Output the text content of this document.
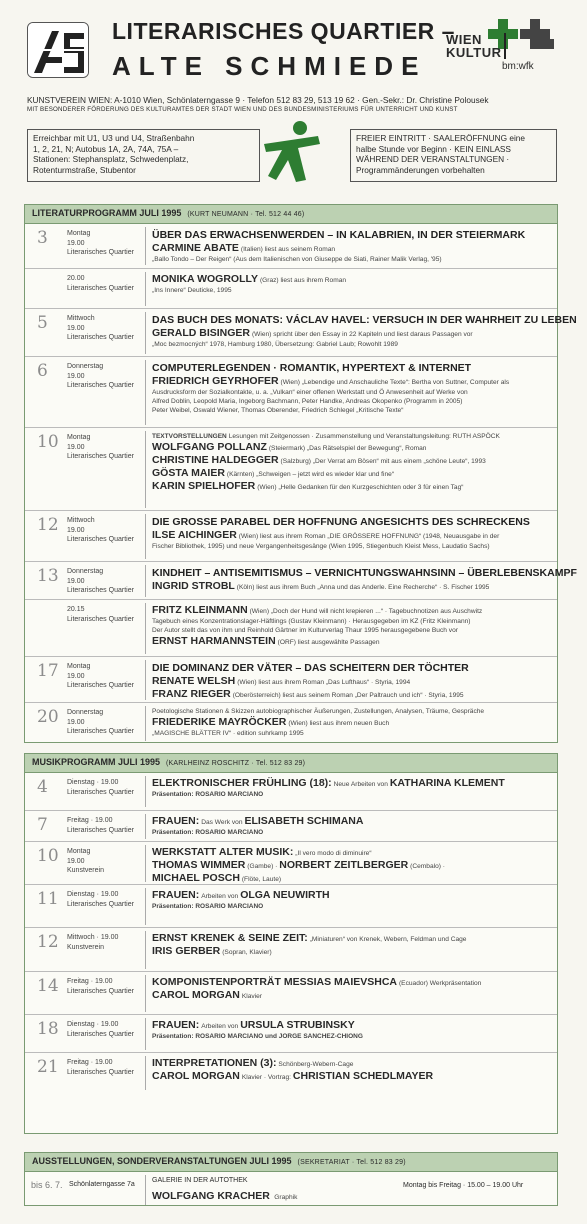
LITERARISCHES QUARTIER –
ALTE SCHMIEDE
WIEN
KULTUR
bm:wfk
KUNSTVEREIN WIEN: A-1010 Wien, Schönlaterngasse 9 · Telefon 512 83 29, 513 19 62 · Gen.-Sekr.: Dr. Christine Polousek
MIT BESONDERER FÖRDERUNG DES KULTURAMTES DER STADT WIEN UND DES BUNDESMINISTERIUMS FÜR UNTERRICHT UND KUNST
Erreichbar mit U1, U3 und U4, Straßenbahn
1, 2, 21, N; Autobus 1A, 2A, 74A, 75A –
Stationen: Stephansplatz, Schwedenplatz,
Rotenturmstraße, Stubentor
FREIER EINTRITT · SAALERÖFFNUNG eine
halbe Stunde vor Beginn · KEIN EINLASS
WÄHREND DER VERANSTALTUNGEN ·
Programmänderungen vorbehalten
LITERATURPROGRAMM JULI 1995 (KURT NEUMANN · Tel. 512 44 46)
3	Montag
19.00
Literarisches Quartier
ÜBER DAS ERWACHSENWERDEN – IN KALABRIEN, IN DER STEIERMARK
CARMINE ABATE (Italien) liest aus seinem Roman
„Ballo Tondo – Der Reigen“ (Aus dem Italienischen von Giuseppe de Siati, Rainer Malik Verlag, '95)
20.00
Literarisches Quartier
MONIKA WOGROLLY (Graz) liest aus ihrem Roman
„Ins Innere“ Deuticke, 1995
5	Mittwoch
19.00
Literarisches Quartier
DAS BUCH DES MONATS: VÁCLAV HAVEL: VERSUCH IN DER WAHRHEIT ZU LEBEN
GERALD BISINGER (Wien) spricht über den Essay in 22 Kapiteln und liest daraus Passagen vor
„Moc bezmocných“ 1978, Hamburg 1980, Übersetzung: Gabriel Laub; Rowohlt 1989
6	Donnerstag
19.00
Literarisches Quartier
COMPUTERLEGENDEN · ROMANTIK, HYPERTEXT & INTERNET
FRIEDRICH GEYRHOFER (Wien) „Lebendige und Anschauliche Texte“: Bertha von Suttner, Computer als
Ausdrucksform der Sozialkontakte, u. a. „Vulkan“ einer offenen Werkstatt und Ö Anwesenheit auf Werke von
Alfred Doblin, Leopold Maria, Ingeborg Bachmann, Peter Handke, Andreas Okopenko (Programm in 2005)
Peter Weibel, Oswald Wiener, Thomas Oberender, Friedrich Schlegel „Kritische Texte“
10 Montag
19.00
Literarisches Quartier
TEXTVORSTELLUNGEN Lesungen mit Zeitgenossen · Zusammenstellung und Veranstaltungsleitung: RUTH ASPÖCK
WOLFGANG POLLANZ (Steiermark) „Das Rätselspiel der Bewegung“, Roman
CHRISTINE HALDEGGER (Salzburg) „Der Verrat am Bösen“ mit aus einem „schöne Leute“, 1993
GÖSTA MAIER (Kärnten) „Schweigen – jetzt wird es wieder klar und fine“
KARIN SPIELHOFER (Wien) „Helle Gedanken für den Kurzgeschichten oder 3 für einen Tag“
12 Mittwoch
19.00
Literarisches Quartier
DIE GROSSE PARABEL DER HOFFNUNG ANGESICHTS DES SCHRECKENS
ILSE AICHINGER (Wien) liest aus ihrem Roman „DIE GRÖSSERE HOFFNUNG“ (1948, Neuausgabe in der
Fischer Bibliothek, 1995) und neue Vergangenheitsgesänge (Wien 1995, Stiegenbuch Kleist Mess, Laudatio Sachs)
13 Donnerstag
19.00
Literarisches Quartier
KINDHEIT – ANTISEMITISMUS – VERNICHTUNGSWAHNSINN – ÜBERLEBENSKAMPF
INGRID STROBL (Köln) liest aus ihrem Buch „Anna und das Anderle. Eine Recherche“ · S. Fischer 1995
20.15
Literarisches Quartier
FRITZ KLEINMANN (Wien) „Doch der Hund will nicht krepieren ...“ · Tagebuchnotizen aus Auschwitz
Tagebuch eines Konzentrationslager-Häftlings (Gustav Kleinmann) · Herausgegeben im KZ (Fritz Kleinmann)
Der Autor stellt das von ihm und Reinhold Gärtner im Kulturverlag Thaur 1995 herausgegebene Buch vor
ERNST HARMANNSTEIN (ORF) liest ausgewählte Passagen
17 Montag
19.00
Literarisches Quartier
DIE DOMINANZ DER VÄTER – DAS SCHEITERN DER TÖCHTER
RENATE WELSH (Wien) liest aus ihrem Roman „Das Lufthaus“ · Styria, 1994
FRANZ RIEGER (Oberösterreich) liest aus seinem Roman „Der Paltrauch und ich“ · Styria, 1995
20 Donnerstag
19.00
Literarisches Quartier
Poetologische Stationen & Skizzen autobiographischer Äußerungen, Zustellungen, Analysen, Träume, Gespräche
FRIEDERIKE MAYRÖCKER (Wien) liest aus ihrem neuen Buch
„MAGISCHE BLÄTTER IV“ · edition suhrkamp 1995
MUSIKPROGRAMM JULI 1995 (KARLHEINZ ROSCHITZ · Tel. 512 83 29)
4	Dienstag · 19.00
Literarisches Quartier
ELEKTRONISCHER FRÜHLING (18): Neue Arbeiten von KATHARINA KLEMENT
Präsentation: ROSARIO MARCIANO
7	Freitag · 19.00
Literarisches Quartier
FRAUEN: Das Werk von ELISABETH SCHIMANA
Präsentation: ROSARIO MARCIANO
10 Montag
19.00
Kunstverein
WERKSTATT ALTER MUSIK: „Il vero modo di diminuire“
THOMAS WIMMER (Gambe) · NORBERT ZEITLBERGER (Cembalo) ·
MICHAEL POSCH (Flöte, Laute)
11 Dienstag · 19.00
Literarisches Quartier
FRAUEN: Arbeiten von OLGA NEUWIRTH
Präsentation: ROSARIO MARCIANO
12 Mittwoch · 19.00
Kunstverein
ERNST KRENEK & SEINE ZEIT: „Miniaturen“ von Krenek, Webern, Feldman und Cage
IRIS GERBER (Sopran, Klavier)
14 Freitag · 19.00
Literarisches Quartier
KOMPONISTENPORTRÄT MESSIAS MAIEVSHCA (Ecuador) Werkpräsentation
CAROL MORGAN Klavier
18 Dienstag · 19.00
Literarisches Quartier
FRAUEN: Arbeiten von URSULA STRUBINSKY
Präsentation: ROSARIO MARCIANO und JORGE SANCHEZ-CHIONG
21 Freitag · 19.00
Literarisches Quartier
INTERPRETATIONEN (3): Schönberg-Webern-Cage
CAROL MORGAN Klavier · Vortrag: CHRISTIAN SCHEDLMAYER
AUSSTELLUNGEN, SONDERVERANSTALTUNGEN JULI 1995 (SEKRETARIAT · Tel. 512 83 29)
bis 6. 7. Schönlaterngasse 7a
GALERIE IN DER AUTOTHEK
WOLFGANG KRACHER Graphik
Montag bis Freitag · 15.00 – 19.00 Uhr
